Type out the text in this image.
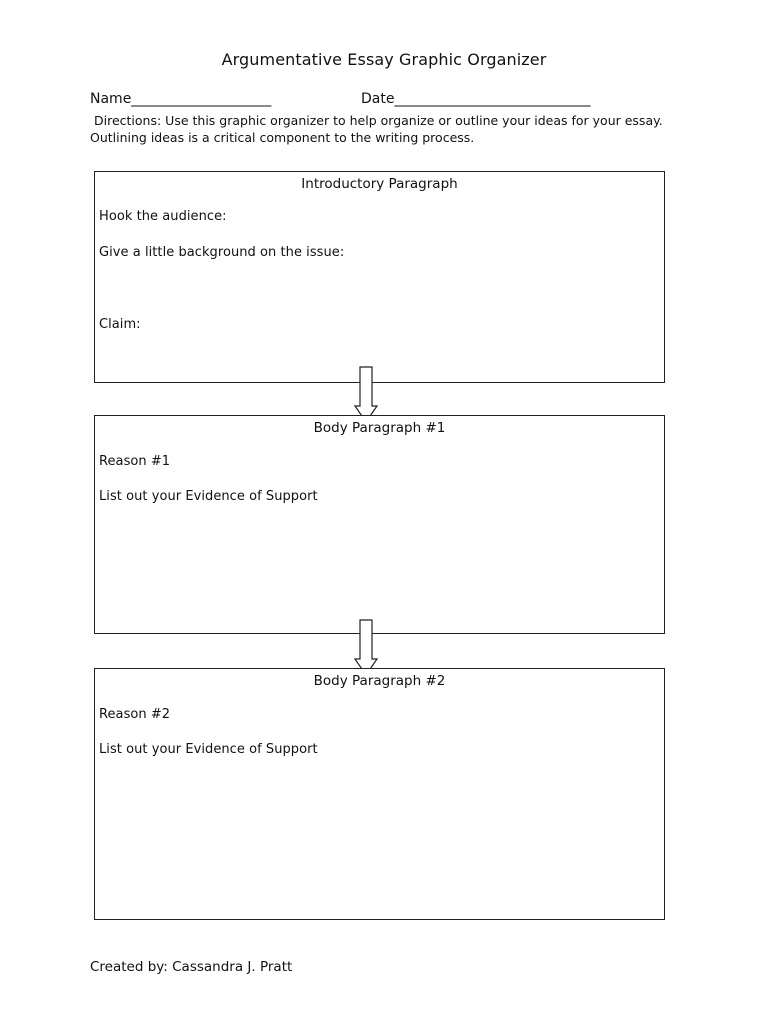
Argumentative Essay Graphic Organizer
Name____________________	Date____________________________
Directions: Use this graphic organizer to help organize or outline your ideas for your essay.
Outlining ideas is a critical component to the writing process.
Introductory Paragraph
Hook the audience:
Give a little background on the issue:
Claim:
Body Paragraph #1
Reason #1
List out your Evidence of Support
Body Paragraph #2
Reason #2
List out your Evidence of Support
Created by: Cassandra J. Pratt
